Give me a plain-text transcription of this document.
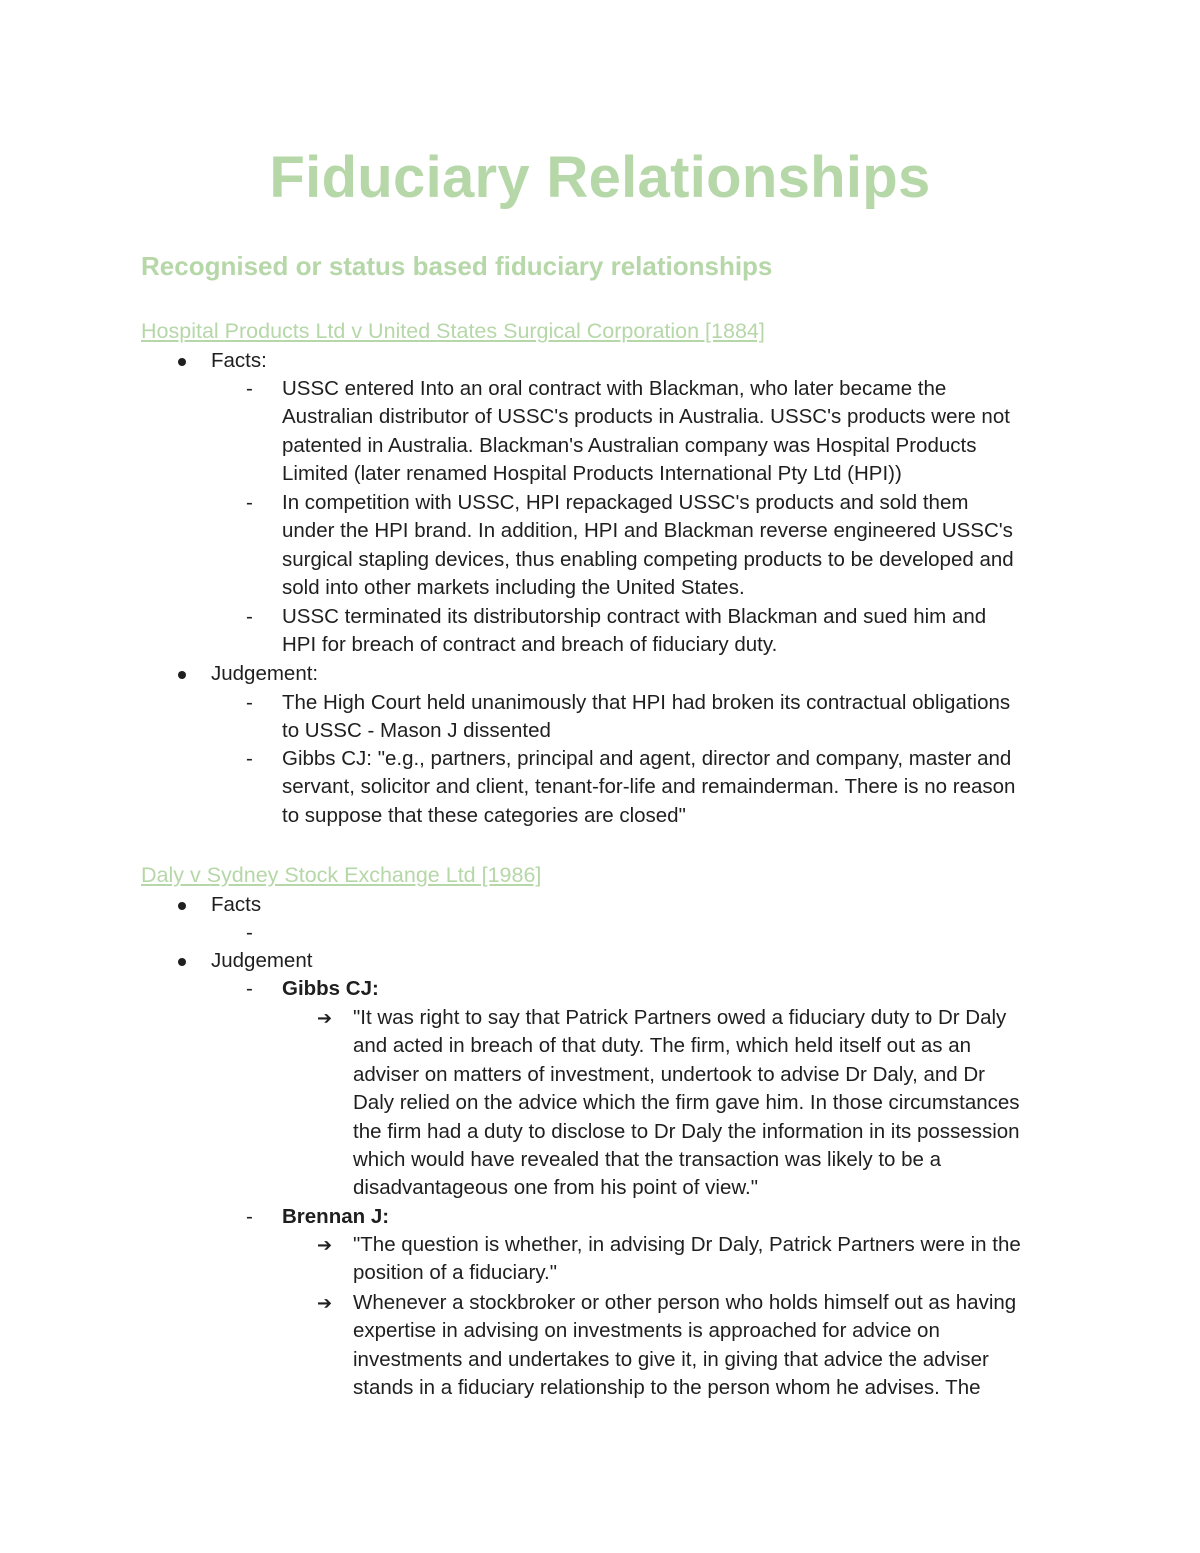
Fiduciary Relationships
Recognised or status based fiduciary relationships
Hospital Products Ltd v United States Surgical Corporation [1884]
Facts:
- USSC entered Into an oral contract with Blackman, who later became the
Australian distributor of USSC's products in Australia. USSC's products were not
patented in Australia. Blackman's Australian company was Hospital Products
Limited (later renamed Hospital Products International Pty Ltd (HPI))
- In competition with USSC, HPI repackaged USSC's products and sold them
under the HPI brand. In addition, HPI and Blackman reverse engineered USSC's
surgical stapling devices, thus enabling competing products to be developed and
sold into other markets including the United States.
- USSC terminated its distributorship contract with Blackman and sued him and
HPI for breach of contract and breach of fiduciary duty.
Judgement:
- The High Court held unanimously that HPI had broken its contractual obligations
to USSC - Mason J dissented
- Gibbs CJ: "e.g., partners, principal and agent, director and company, master and
servant, solicitor and client, tenant-for-life and remainderman. There is no reason
to suppose that these categories are closed"
Daly v Sydney Stock Exchange Ltd [1986]
Facts
-
Judgement
- Gibbs CJ:
➔ "It was right to say that Patrick Partners owed a fiduciary duty to Dr Daly
and acted in breach of that duty. The firm, which held itself out as an
adviser on matters of investment, undertook to advise Dr Daly, and Dr
Daly relied on the advice which the firm gave him. In those circumstances
the firm had a duty to disclose to Dr Daly the information in its possession
which would have revealed that the transaction was likely to be a
disadvantageous one from his point of view."
- Brennan J:
➔ "The question is whether, in advising Dr Daly, Patrick Partners were in the
position of a fiduciary."
➔ Whenever a stockbroker or other person who holds himself out as having
expertise in advising on investments is approached for advice on
investments and undertakes to give it, in giving that advice the adviser
stands in a fiduciary relationship to the person whom he advises. The
